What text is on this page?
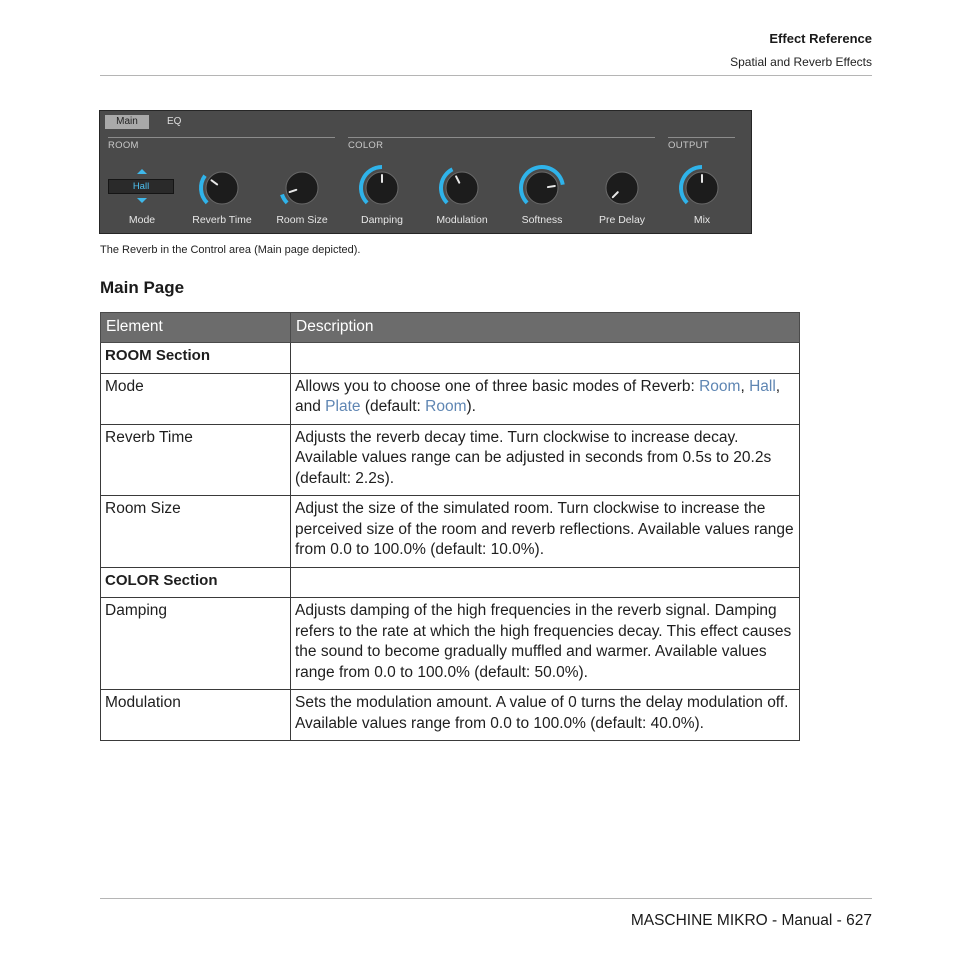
Effect Reference
Spatial and Reverb Effects
Main	EQ
ROOM	COLOR	OUTPUT
Hall
Mode	Reverb Time	Room Size	Damping	Modulation	Softness	Pre Delay	Mix
The Reverb in the Control area (Main page depicted).
Main Page
Element	Description
ROOM Section	
Mode	Allows you to choose one of three basic modes of Reverb: Room, Hall, and Plate (default: Room).
Reverb Time	Adjusts the reverb decay time. Turn clockwise to increase decay. Available values range can be adjusted in seconds from 0.5s to 20.2s (default: 2.2s).
Room Size	Adjust the size of the simulated room. Turn clockwise to increase the perceived size of the room and reverb reflections. Available values range from 0.0 to 100.0% (default: 10.0%).
COLOR Section	
Damping	Adjusts damping of the high frequencies in the reverb signal. Damping refers to the rate at which the high frequencies decay. This effect causes the sound to become gradually muffled and warmer. Available values range from 0.0 to 100.0% (default: 50.0%).
Modulation	Sets the modulation amount. A value of 0 turns the delay modulation off. Available values range from 0.0 to 100.0% (default: 40.0%).
MASCHINE MIKRO - Manual - 627
